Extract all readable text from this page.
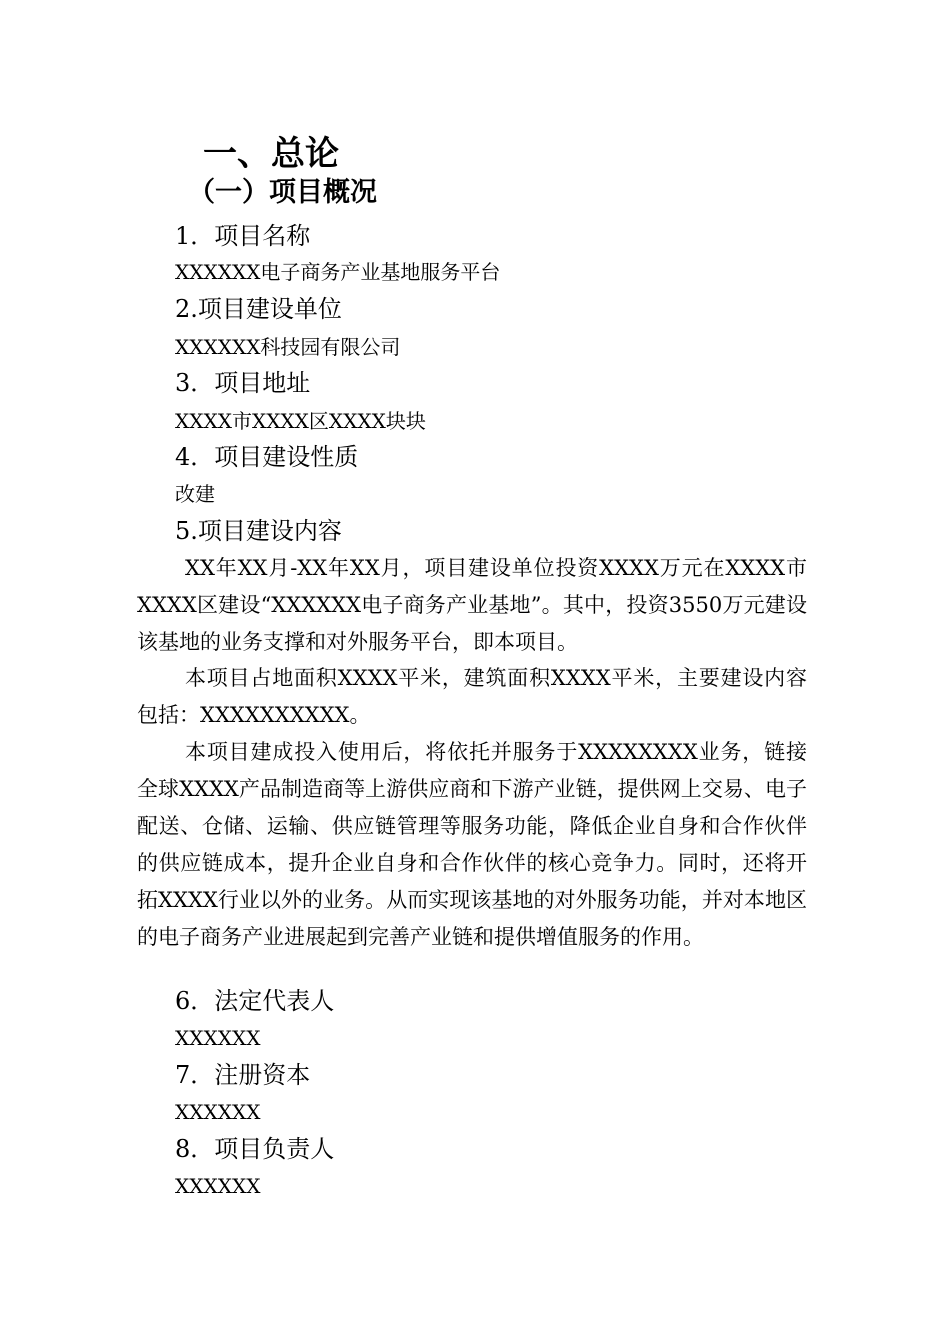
一、总论
（一）项目概况
1．项目名称
XXXXXX电子商务产业基地服务平台
2.项目建设单位
XXXXXX科技园有限公司
3．项目地址
XXXX市XXXX区XXXX块块
4．项目建设性质
改建
5.项目建设内容

XX年XX月-XX年XX月，项目建设单位投资XXXX万元在XXXX市XXXX区建设“XXXXXX电子商务产业基地”。其中，投资3550万元建设该基地的业务支撑和对外服务平台，即本项目。

本项目占地面积XXXX平米，建筑面积XXXX平米，主要建设内容包括：XXXXXXXXXX。

本项目建成投入使用后，将依托并服务于XXXXXXXX业务，链接全球XXXX产品制造商等上游供应商和下游产业链，提供网上交易、电子配送、仓储、运输、供应链管理等服务功能，降低企业自身和合作伙伴的供应链成本，提升企业自身和合作伙伴的核心竞争力。同时，还将开拓XXXX行业以外的业务。从而实现该基地的对外服务功能，并对本地区的电子商务产业进展起到完善产业链和提供增值服务的作用。

6．法定代表人
XXXXXX
7．注册资本
XXXXXX
8．项目负责人
XXXXXX
